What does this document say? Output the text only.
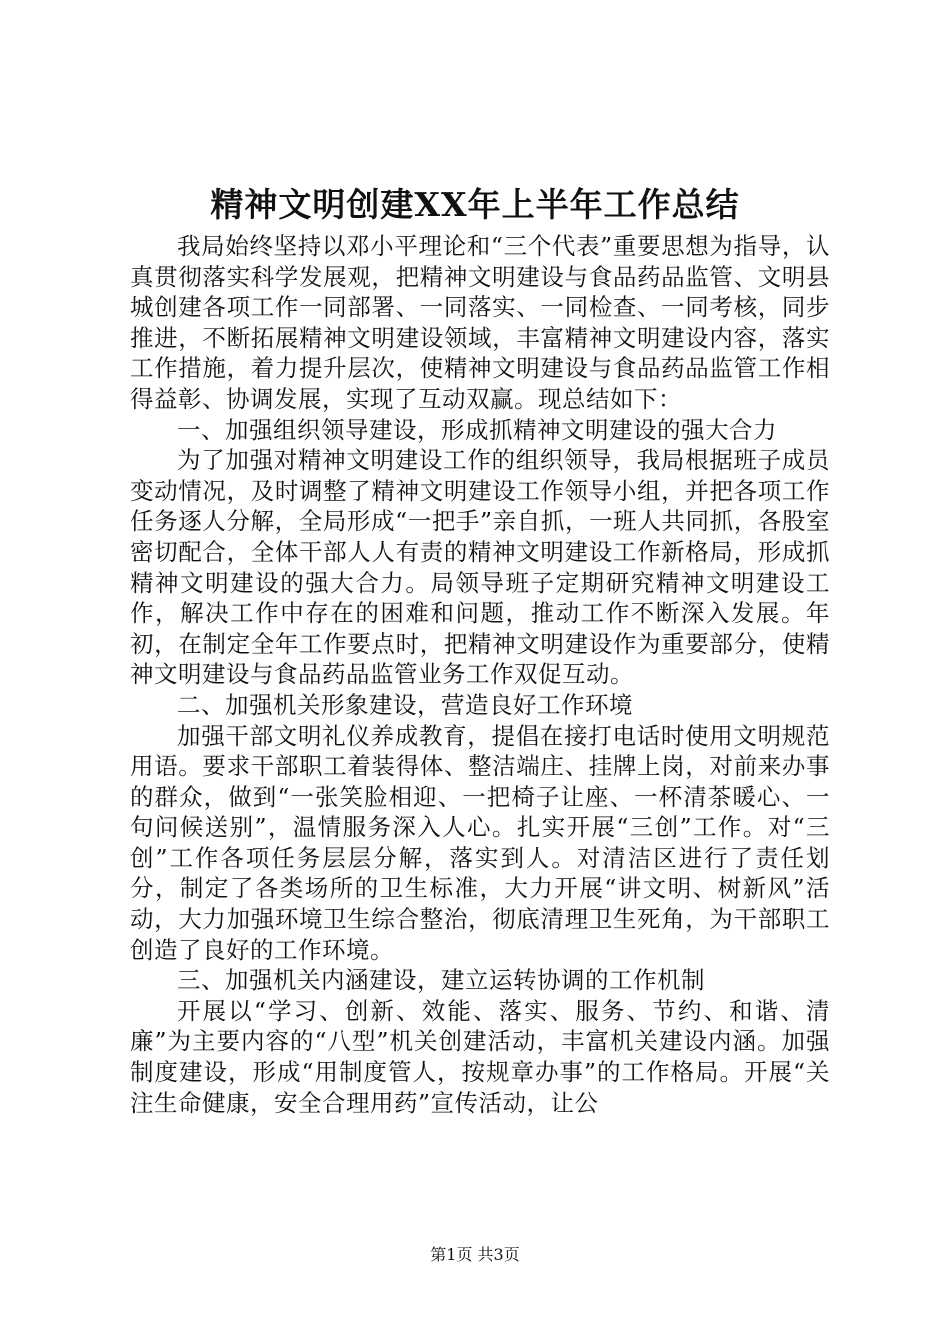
精神文明创建XX年上半年工作总结

我局始终坚持以邓小平理论和“三个代表”重要思想为指导，认真贯彻落实科学发展观，把精神文明建设与食品药品监管、文明县城创建各项工作一同部署、一同落实、一同检查、一同考核，同步推进，不断拓展精神文明建设领域，丰富精神文明建设内容，落实工作措施，着力提升层次，使精神文明建设与食品药品监管工作相得益彰、协调发展，实现了互动双赢。现总结如下：

一、加强组织领导建设，形成抓精神文明建设的强大合力

为了加强对精神文明建设工作的组织领导，我局根据班子成员变动情况，及时调整了精神文明建设工作领导小组，并把各项工作任务逐人分解，全局形成“一把手”亲自抓，一班人共同抓，各股室密切配合，全体干部人人有责的精神文明建设工作新格局，形成抓精神文明建设的强大合力。局领导班子定期研究精神文明建设工作，解决工作中存在的困难和问题，推动工作不断深入发展。年初，在制定全年工作要点时，把精神文明建设作为重要部分，使精神文明建设与食品药品监管业务工作双促互动。

二、加强机关形象建设，营造良好工作环境

加强干部文明礼仪养成教育，提倡在接打电话时使用文明规范用语。要求干部职工着装得体、整洁端庄、挂牌上岗，对前来办事的群众，做到“一张笑脸相迎、一把椅子让座、一杯清茶暖心、一句问候送别”，温情服务深入人心。扎实开展“三创”工作。对“三创”工作各项任务层层分解，落实到人。对清洁区进行了责任划分，制定了各类场所的卫生标准，大力开展“讲文明、树新风”活动，大力加强环境卫生综合整治，彻底清理卫生死角，为干部职工创造了良好的工作环境。

三、加强机关内涵建设，建立运转协调的工作机制

开展以“学习、创新、效能、落实、服务、节约、和谐、清廉”为主要内容的“八型”机关创建活动，丰富机关建设内涵。加强制度建设，形成“用制度管人，按规章办事”的工作格局。开展“关注生命健康，安全合理用药”宣传活动，让公

第1页 共3页
